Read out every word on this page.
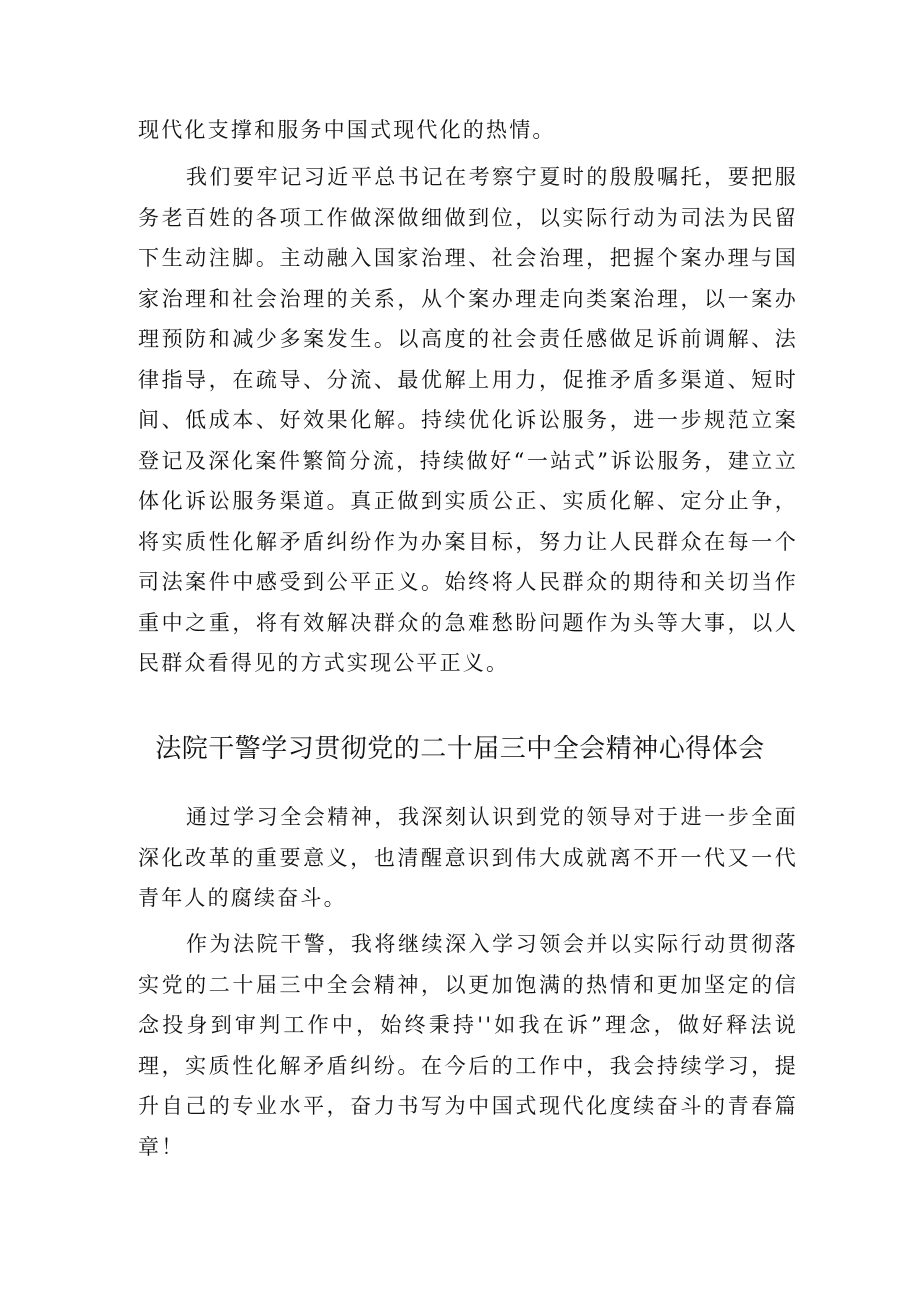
现代化支撑和服务中国式现代化的热情。

我们要牢记习近平总书记在考察宁夏时的殷殷嘱托，要把服务老百姓的各项工作做深做细做到位，以实际行动为司法为民留下生动注脚。主动融入国家治理、社会治理，把握个案办理与国家治理和社会治理的关系，从个案办理走向类案治理，以一案办理预防和减少多案发生。以高度的社会责任感做足诉前调解、法律指导，在疏导、分流、最优解上用力，促推矛盾多渠道、短时间、低成本、好效果化解。持续优化诉讼服务，进一步规范立案登记及深化案件繁简分流，持续做好“一站式”诉讼服务，建立立体化诉讼服务渠道。真正做到实质公正、实质化解、定分止争，将实质性化解矛盾纠纷作为办案目标，努力让人民群众在每一个司法案件中感受到公平正义。始终将人民群众的期待和关切当作重中之重，将有效解决群众的急难愁盼问题作为头等大事，以人民群众看得见的方式实现公平正义。

法院干警学习贯彻党的二十届三中全会精神心得体会

通过学习全会精神，我深刻认识到党的领导对于进一步全面深化改革的重要意义，也清醒意识到伟大成就离不开一代又一代青年人的腐续奋斗。

作为法院干警，我将继续深入学习领会并以实际行动贯彻落实党的二十届三中全会精神，以更加饱满的热情和更加坚定的信念投身到审判工作中，始终秉持''如我在诉”理念，做好释法说理，实质性化解矛盾纠纷。在今后的工作中，我会持续学习，提升自己的专业水平，奋力书写为中国式现代化度续奋斗的青春篇章！
